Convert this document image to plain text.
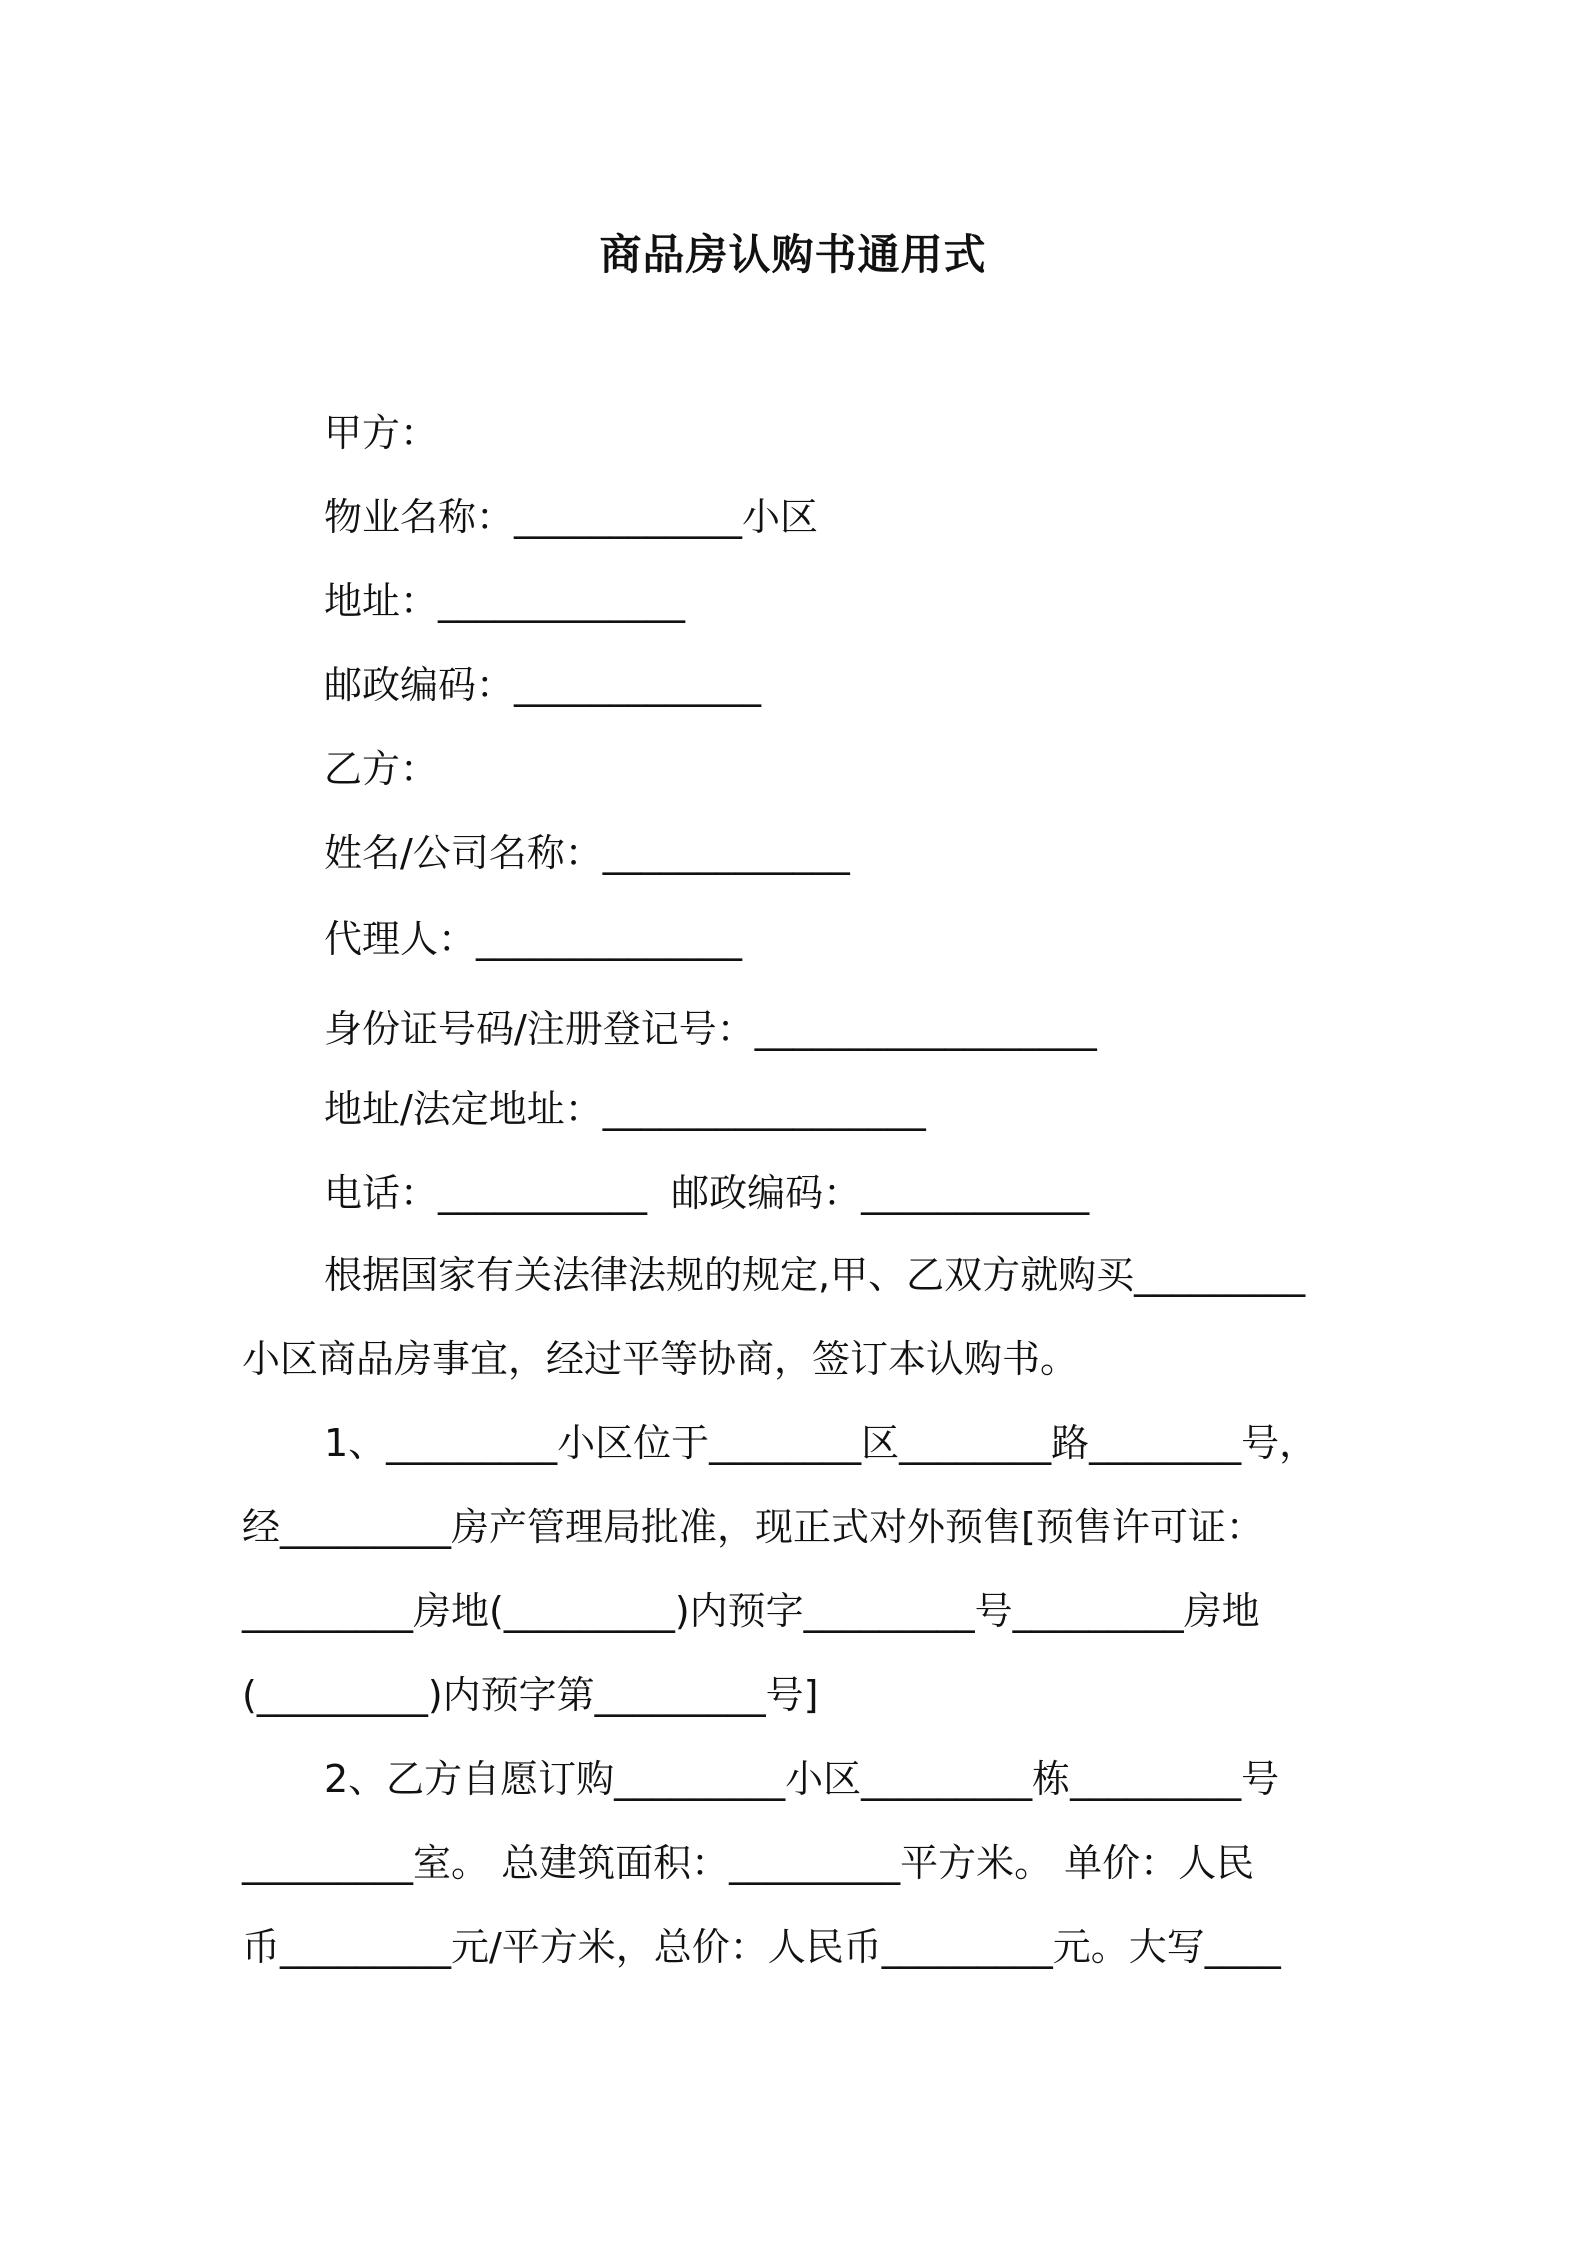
商品房认购书通用式

甲方：

物业名称：____________小区

地址：_____________

邮政编码：_____________

乙方：

姓名/公司名称：_____________

代理人：______________

身份证号码/注册登记号：__________________

地址/法定地址：_________________

电话：___________  邮政编码：____________

根据国家有关法律法规的规定,甲、乙双方就购买_________

小区商品房事宜，经过平等协商，签订本认购书。

1、_________小区位于________区________路________号，

经_________房产管理局批准，现正式对外预售[预售许可证：

_________房地(_________)内预字_________号_________房地

(_________)内预字第_________号]

2、乙方自愿订购_________小区_________栋_________号

_________室。 总建筑面积：_________平方米。 单价：人民

币_________元/平方米，总价：人民币_________元。大写____
